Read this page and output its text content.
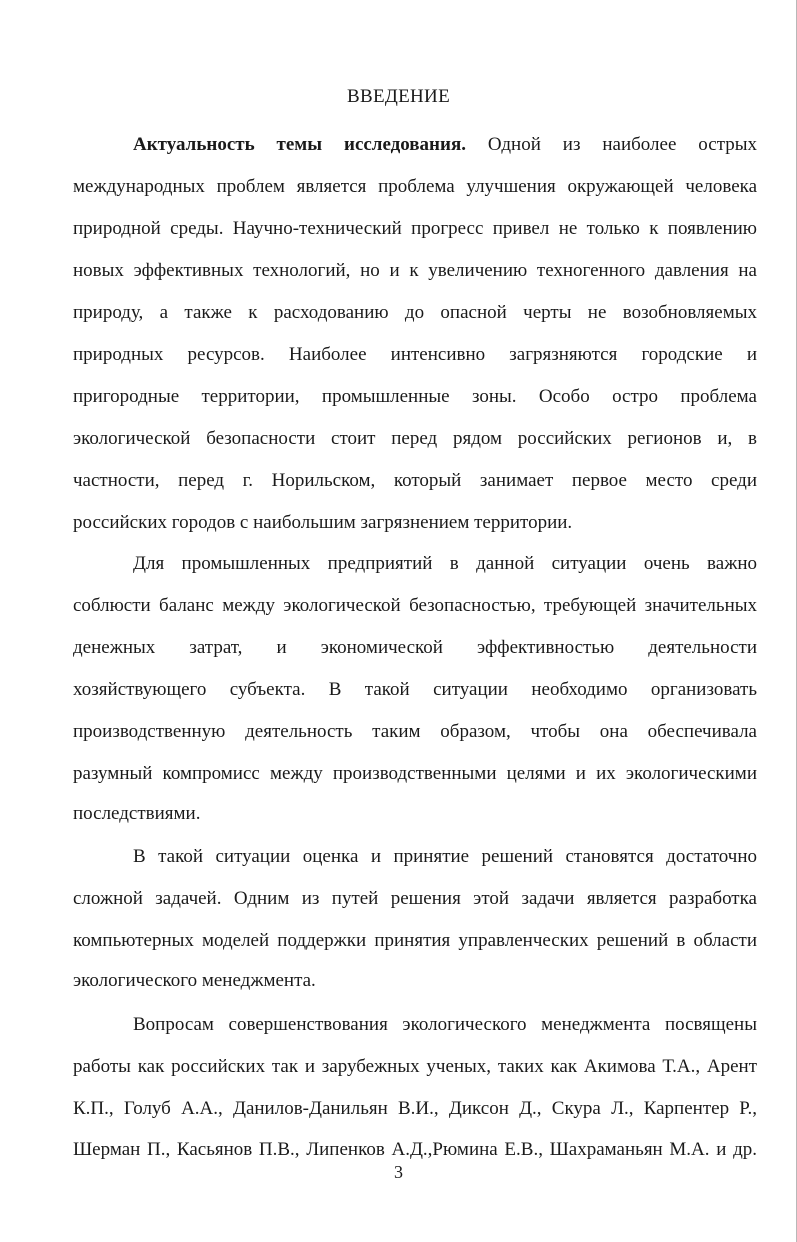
ВВЕДЕНИЕ

Актуальность темы исследования. Одной из наиболее острых

международных проблем является проблема улучшения окружающей человека

природной среды. Научно-технический прогресс привел не только к появлению

новых эффективных технологий, но и к увеличению техногенного давления на

природу, а также к расходованию до опасной черты не возобновляемых

природных ресурсов. Наиболее интенсивно загрязняются городские и

пригородные территории, промышленные зоны. Особо остро проблема

экологической безопасности стоит перед рядом российских регионов и, в

частности, перед г. Норильском, который занимает первое место среди

российских городов с наибольшим загрязнением территории.

Для промышленных предприятий в данной ситуации очень важно

соблюсти баланс между экологической безопасностью, требующей значительных

денежных затрат, и экономической эффективностью деятельности

хозяйствующего субъекта. В такой ситуации необходимо организовать

производственную деятельность таким образом, чтобы она обеспечивала

разумный компромисс между производственными целями и их экологическими

последствиями.

В такой ситуации оценка и принятие решений становятся достаточно

сложной задачей. Одним из путей решения этой задачи является разработка

компьютерных моделей поддержки принятия управленческих решений в области

экологического менеджмента.

Вопросам совершенствования экологического менеджмента посвящены

работы как российских так и зарубежных ученых, таких как Акимова Т.А., Арент

К.П., Голуб А.А., Данилов-Данильян В.И., Диксон Д., Скура Л., Карпентер Р.,

Шерман П., Касьянов П.В., Липенков А.Д.,Рюмина Е.В., Шахраманьян М.А. и др.

3
